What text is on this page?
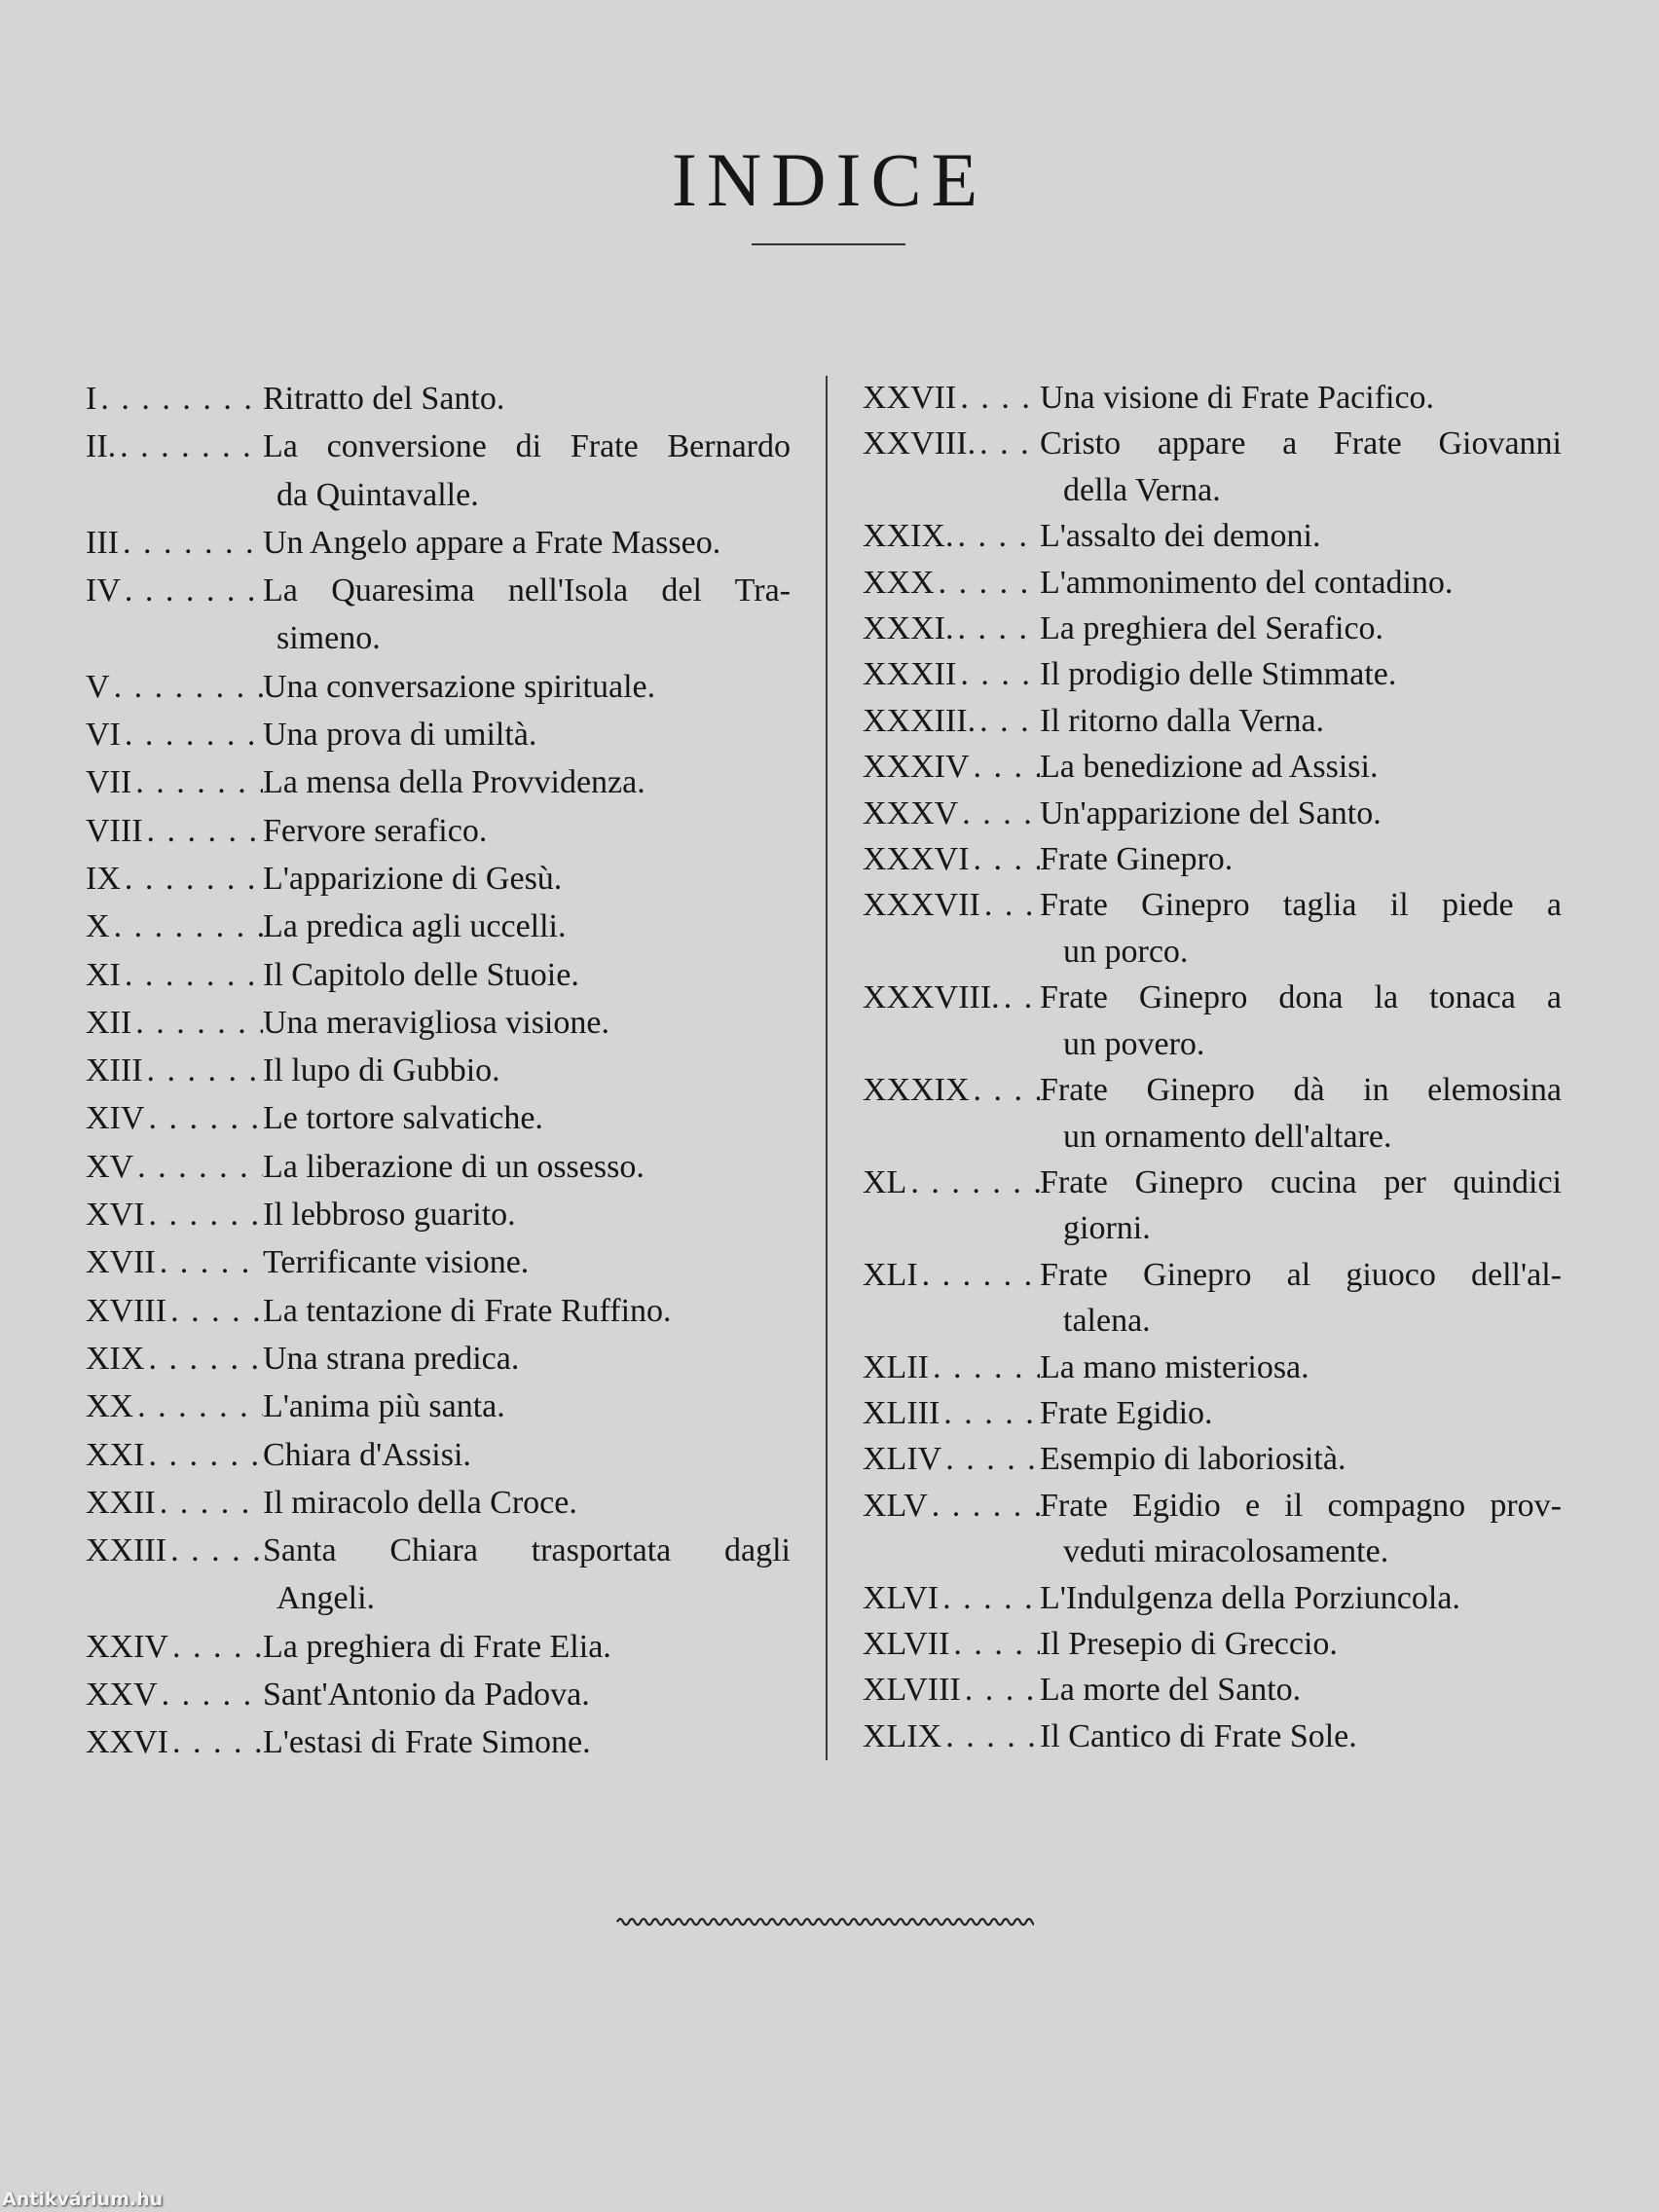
INDICE
I . . .	Ritratto del Santo.
II. . . .	La conversione di Frate Bernardo
da Quintavalle.
III . . .	Un Angelo appare a Frate Masseo.
IV . . .	La Quaresima nell'Isola del Tra-
simeno.
V . . .	Una conversazione spirituale.
VI . . .	Una prova di umiltà.
VII . . .	La mensa della Provvidenza.
VIII . . .	Fervore serafico.
IX . . .	L'apparizione di Gesù.
X . . .	La predica agli uccelli.
XI . . .	Il Capitolo delle Stuoie.
XII . . .	Una meravigliosa visione.
XIII . . .	Il lupo di Gubbio.
XIV . . .	Le tortore salvatiche.
XV . . .	La liberazione di un ossesso.
XVI . . .	Il lebbroso guarito.
XVII . . .	Terrificante visione.
XVIII . . .	La tentazione di Frate Ruffino.
XIX . . .	Una strana predica.
XX . . .	L'anima più santa.
XXI . . .	Chiara d'Assisi.
XXII . . .	Il miracolo della Croce.
XXIII . . .	Santa Chiara trasportata dagli
Angeli.
XXIV . . .	La preghiera di Frate Elia.
XXV . . .	Sant'Antonio da Padova.
XXVI . . .	L'estasi di Frate Simone.
XXVII . . .	Una visione di Frate Pacifico.
XXVIII. . . . Cristo appare a Frate Giovanni
della Verna.
XXIX. . . .	L'assalto dei demoni.
XXX . . .	L'ammonimento del contadino.
XXXI. . . .	La preghiera del Serafico.
XXXII . . .	Il prodigio delle Stimmate.
XXXIII. . . . Il ritorno dalla Verna.
XXXIV . . . La benedizione ad Assisi.
XXXV . . . Un'apparizione del Santo.
XXXVI . . . Frate Ginepro.
XXXVII . . . Frate Ginepro taglia il piede a
un porco.
XXXVIII. . . . Frate Ginepro dona la tonaca a
un povero.
XXXIX . . . Frate Ginepro dà in elemosina
un ornamento dell'altare.
XL . . .	Frate Ginepro cucina per quindici
giorni.
XLI . . .	Frate Ginepro al giuoco dell'al-
talena.
XLII . . .	La mano misteriosa.
XLIII . . .	Frate Egidio.
XLIV . . .	Esempio di laboriosità.
XLV . . .	Frate Egidio e il compagno prov-
veduti miracolosamente.
XLVI . . .	L'Indulgenza della Porziuncola.
XLVII . . .	Il Presepio di Greccio.
XLVIII . . . La morte del Santo.
XLIX . . .	Il Cantico di Frate Sole.
Antikvárium.hu
